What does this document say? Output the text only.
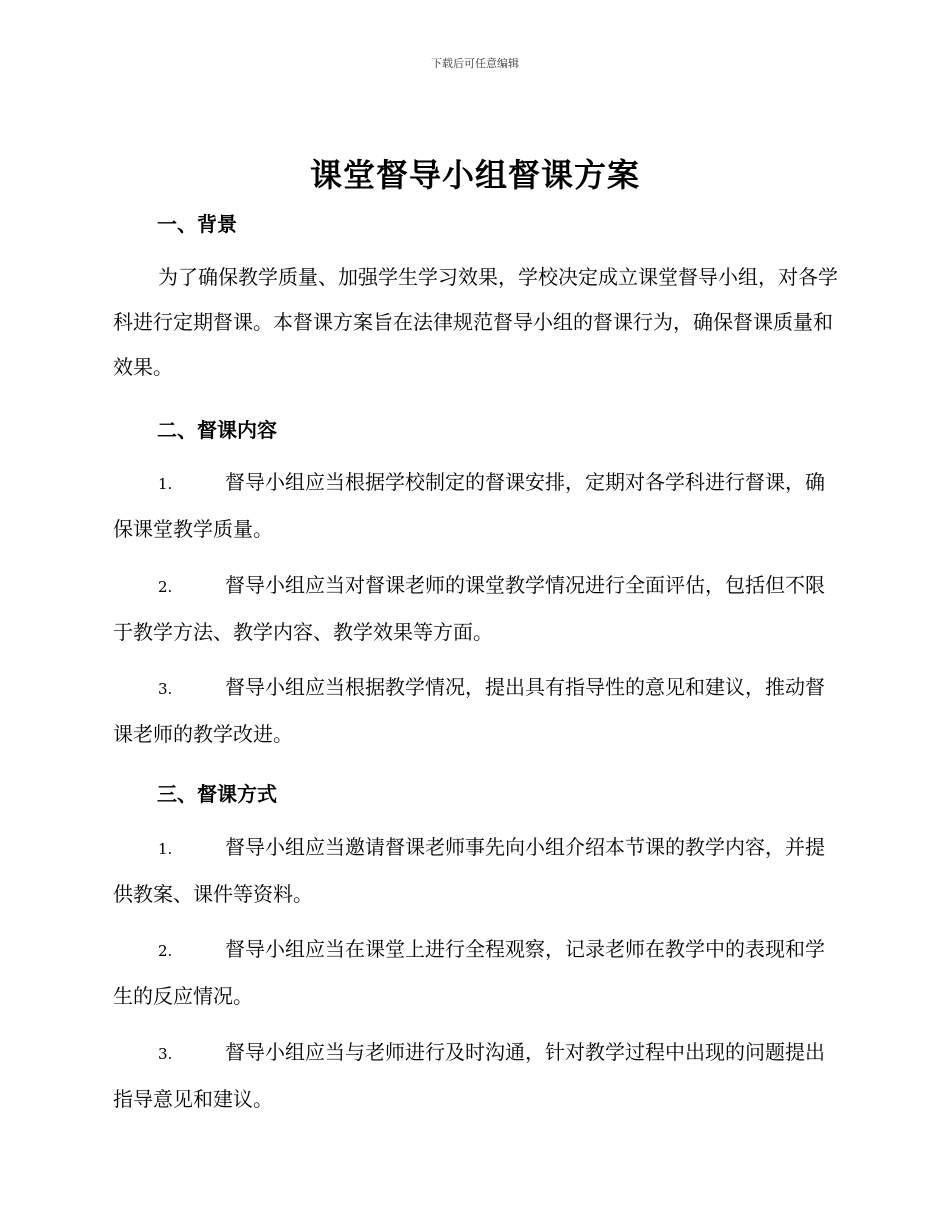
下载后可任意编辑
课堂督导小组督课方案
一、背景
为了确保教学质量、加强学生学习效果，学校决定成立课堂督导小组，对各学科进行定期督课。本督课方案旨在法律规范督导小组的督课行为，确保督课质量和效果。
二、督课内容
1.	督导小组应当根据学校制定的督课安排，定期对各学科进行督课，确保课堂教学质量。
2.	督导小组应当对督课老师的课堂教学情况进行全面评估，包括但不限于教学方法、教学内容、教学效果等方面。
3.	督导小组应当根据教学情况，提出具有指导性的意见和建议，推动督课老师的教学改进。
三、督课方式
1.	督导小组应当邀请督课老师事先向小组介绍本节课的教学内容，并提供教案、课件等资料。
2.	督导小组应当在课堂上进行全程观察，记录老师在教学中的表现和学生的反应情况。
3.	督导小组应当与老师进行及时沟通，针对教学过程中出现的问题提出指导意见和建议。
